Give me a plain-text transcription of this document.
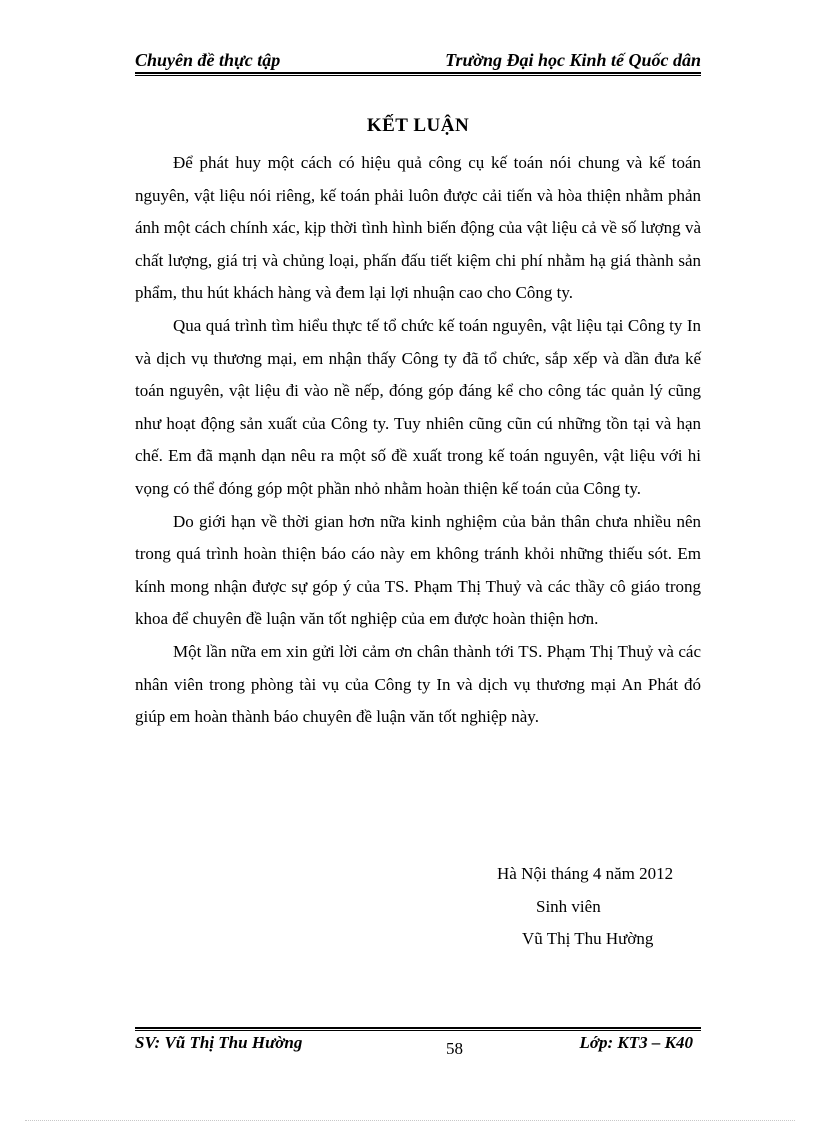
Chuyên đề thực tập	Trường Đại học Kinh tế Quốc dân
KẾT LUẬN

Để phát huy một cách có hiệu quả công cụ kế toán nói chung và kế toán nguyên, vật liệu nói riêng, kế toán phải luôn được cải tiến và hòa thiện nhằm phản ánh một cách chính xác, kịp thời tình hình biến động của vật liệu cả về số lượng và chất lượng, giá trị và chủng loại, phấn đấu tiết kiệm chi phí nhằm hạ giá thành sản phẩm, thu hút khách hàng và đem lại lợi nhuận cao cho Công ty.

Qua quá trình tìm hiểu thực tế tổ chức kế toán nguyên, vật liệu tại Công ty In và dịch vụ thương mại, em nhận thấy Công ty đã tổ chức, sắp xếp và dần đưa kế toán nguyên, vật liệu đi vào nề nếp, đóng góp đáng kể cho công tác quản lý cũng như hoạt động sản xuất của Công ty. Tuy nhiên cũng cũn cú những tồn tại và hạn chế. Em đã mạnh dạn nêu ra một số đề xuất trong kế toán nguyên, vật liệu với hi vọng có thể đóng góp một phần nhỏ nhằm hoàn thiện kế toán của Công ty.

Do giới hạn về thời gian hơn nữa kinh nghiệm của bản thân chưa nhiều nên trong quá trình hoàn thiện báo cáo này em không tránh khỏi những thiếu sót. Em kính mong nhận được sự góp ý của TS. Phạm Thị Thuỷ và các thầy cô giáo trong khoa để chuyên đề luận văn tốt nghiệp của em được hoàn thiện hơn.

Một lần nữa em xin gửi lời cảm ơn chân thành tới TS. Phạm Thị Thuỷ và các nhân viên trong phòng tài vụ của Công ty In và dịch vụ thương mại An Phát đó giúp em hoàn thành báo chuyên đề luận văn tốt nghiệp này.

Hà Nội tháng 4 năm 2012
Sinh viên
Vũ Thị Thu Hường
SV: Vũ Thị Thu Hường	58	Lớp: KT3 – K40
